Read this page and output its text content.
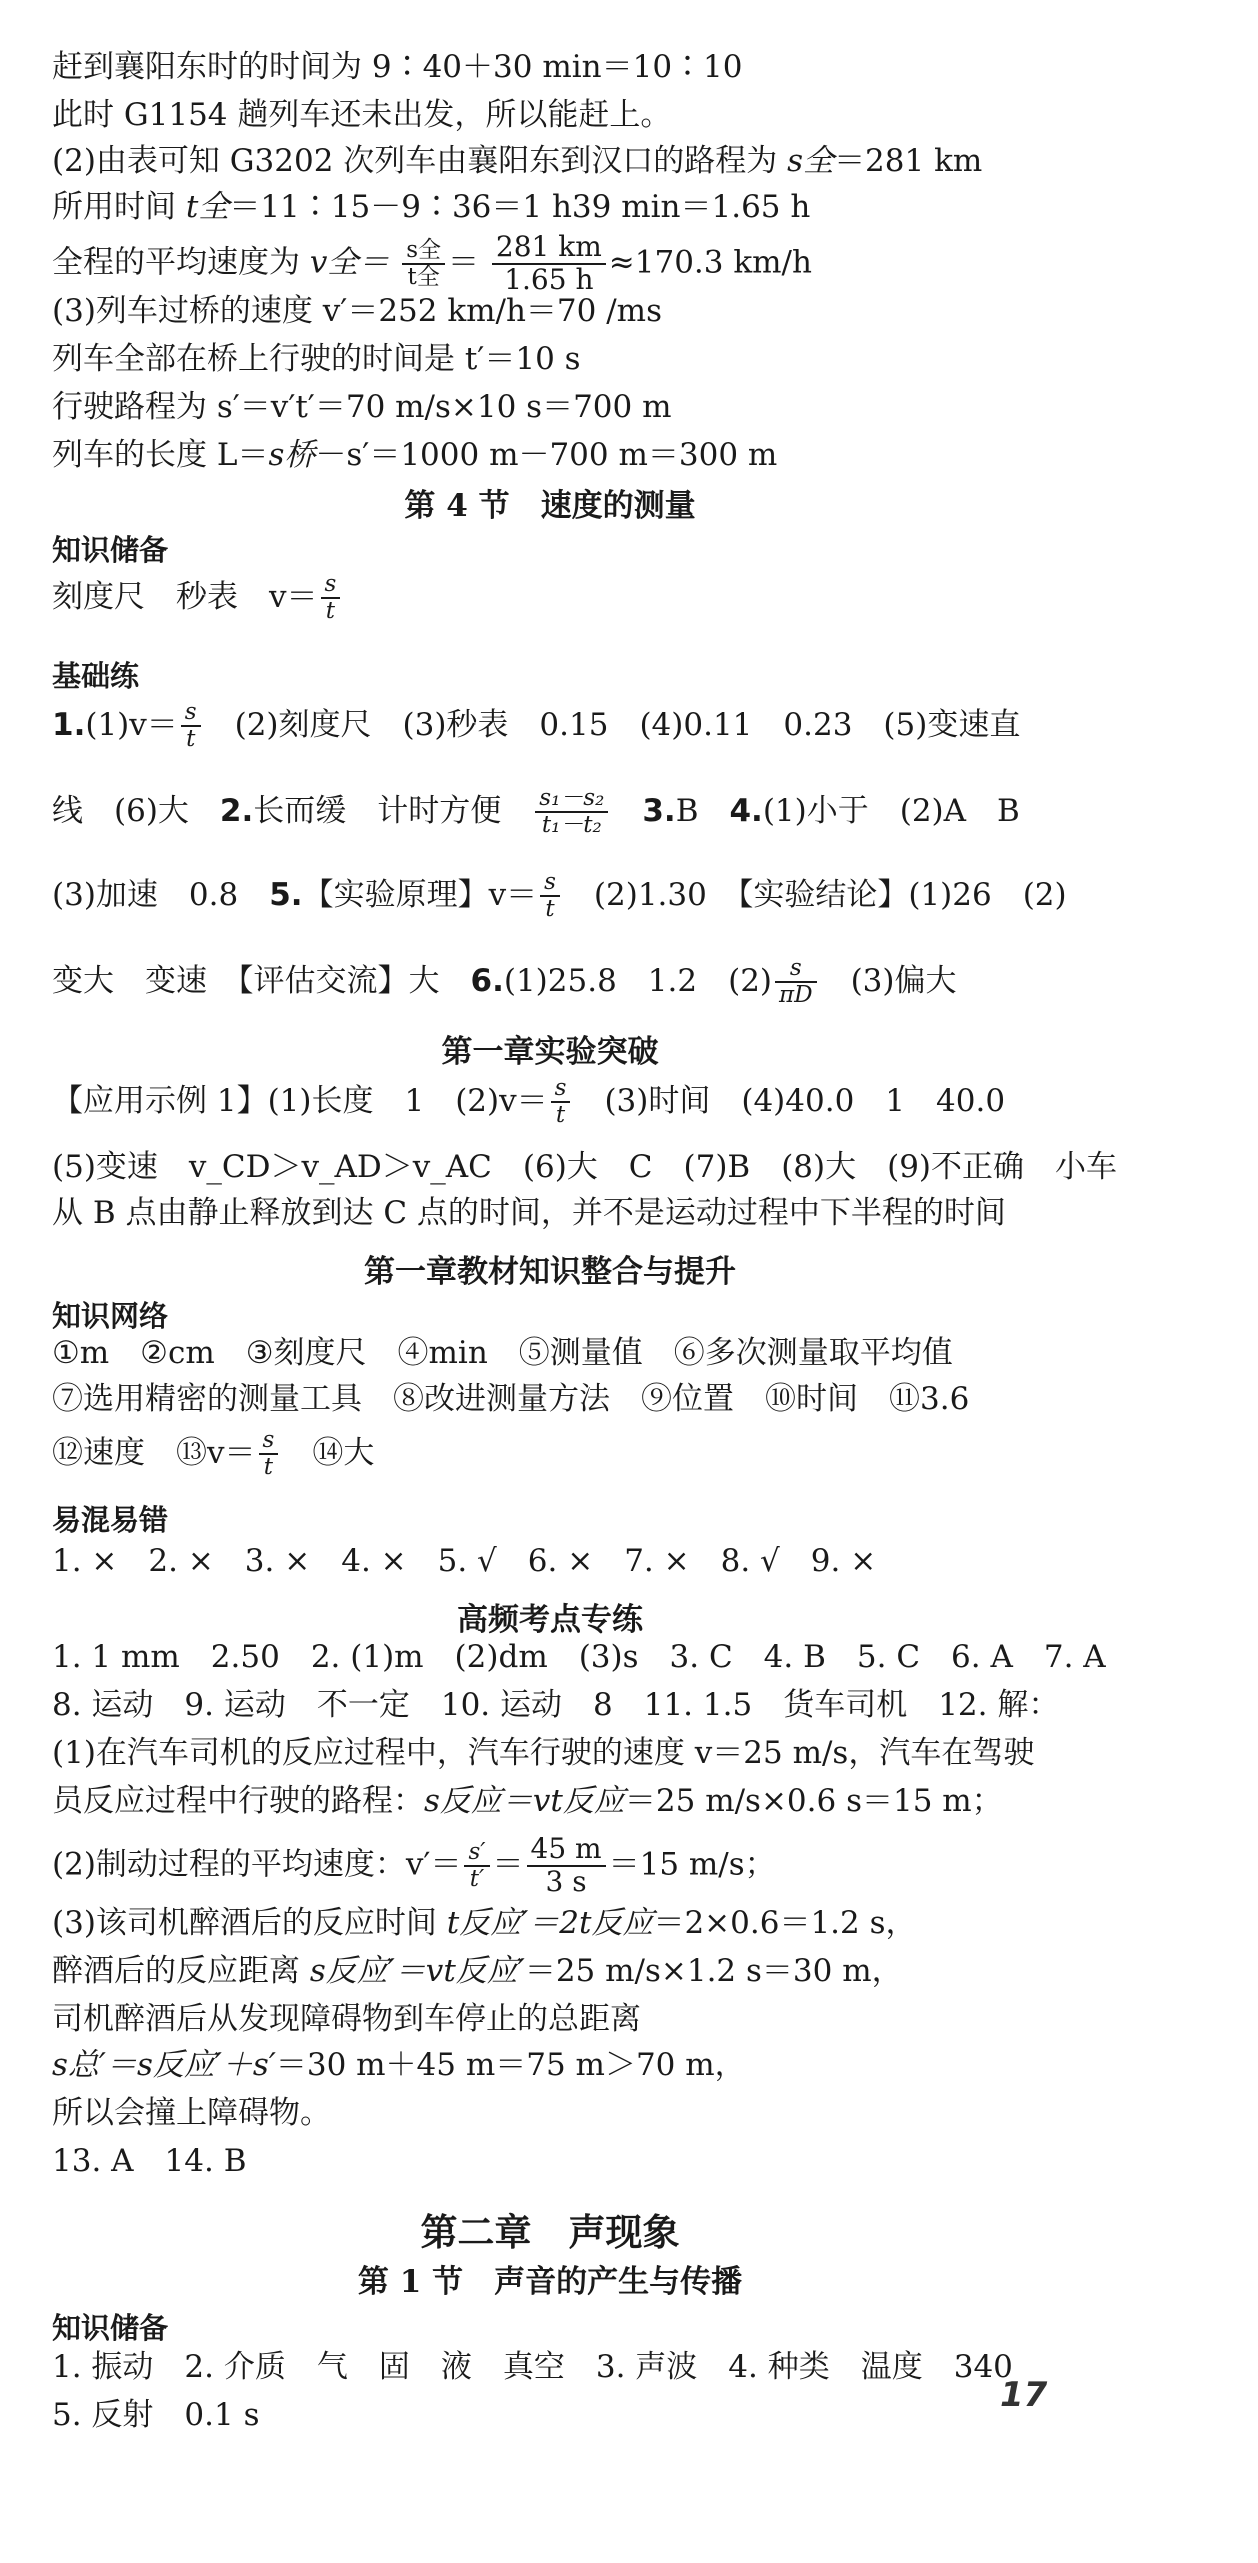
赶到襄阳东时的时间为 9∶40＋30 min＝10∶10
此时 G1154 趟列车还未出发，所以能赶上。
(2)由表可知 G3202 次列车由襄阳东到汉口的路程为 s全＝281 km
所用时间 t全＝11∶15－9∶36＝1 h39 min＝1.65 h
全程的平均速度为 v全＝ s全
t全 ＝ $\frac{281 km}{1.65 h} \approx 170.3$ km/h
(3)列车过桥的速度 v′＝252 km/h＝70 /ms
列车全部在桥上行驶的时间是 t′＝10 s
行驶路程为 s′＝v′t′＝70 m/s×10 s＝700 m
列车的长度 L＝s桥－s′＝1000 m－700 m＝300 m
第 4 节　速度的测量
知识储备
刻度尺　秒表　$v= \frac{s}{t}$
基础练
$1.(1)v= \frac{s}{t}$
　 (2)刻度尺　(3)秒表　0.15　(4)0.11　0.23　(5)变速直
线　(6)大　2.长而缓　计时方便　 $\frac{\text{s₁－s₂}}{\text{t₁－t₂}}$
　 3.B　4.(1)小于　(2)A　B
(3)加速　0.8　5.【实验原理】$v= \frac{s}{t}$
　 (2)1.30　【实验结论】(1)26　(2)
变大　变速　【评估交流】大　6.(1)25.8　1.2　$(2) \frac{s}{\pi D}$
　 (3)偏大
第一章实验突破
【应用示例 1】(1)长度　1　$(2)v= \frac{s}{t}$
　 (3)时间　(4)40.0　1　40.0
(5)变速　v_CD＞v_AD＞v_AC　(6)大　C　(7)B　(8)大　(9)不正确　小车
从 B 点由静止释放到达 C 点的时间，并不是运动过程中下半程的时间
第一章教材知识整合与提升
知识网络
①m　②cm　③刻度尺　④min　⑤测量值　⑥多次测量取平均值
⑦选用精密的测量工具　⑧改进测量方法　⑨位置　⑩时间　⑪3.6
⑫速度　⑬v＝ $\frac{s}{t}$
　 ⑭大
易混易错
1. ×　2. ×　3. ×　4. ×　5. √　6. ×　7. ×　8. √　9. ×
高频考点专练
1. 1 mm　2.50　2. (1)m　(2)dm　(3)s　3. C　4. B　5. C　6. A　7. A
8. 运动　9. 运动　不一定　10. 运动　8　11. 1.5　货车司机　12. 解：
(1)在汽车司机的反应过程中，汽车行驶的速度 v＝25 m/s，汽车在驾驶
员反应过程中行驶的路程：s反应＝vt反应＝25 m/s×0.6 s＝15 m；
(2)制动过程的平均速度：$v'= \frac{s'}{t'} = \frac{45 m}{3 s} =15$ m/s；
(3)该司机醉酒后的反应时间 t反应′＝2t反应＝2×0.6＝1.2 s，
醉酒后的反应距离 s反应′＝vt反应′＝25 m/s×1.2 s＝30 m，
司机醉酒后从发现障碍物到车停止的总距离
s总′＝s反应′＋s′＝30 m＋45 m＝75 m＞70 m，
所以会撞上障碍物。
13. A　14. B
第二章　声现象
第 1 节　声音的产生与传播
知识储备
1. 振动　2. 介质　气　固　液　真空　3. 声波　4. 种类　温度　340
5. 反射　0.1 s	17
